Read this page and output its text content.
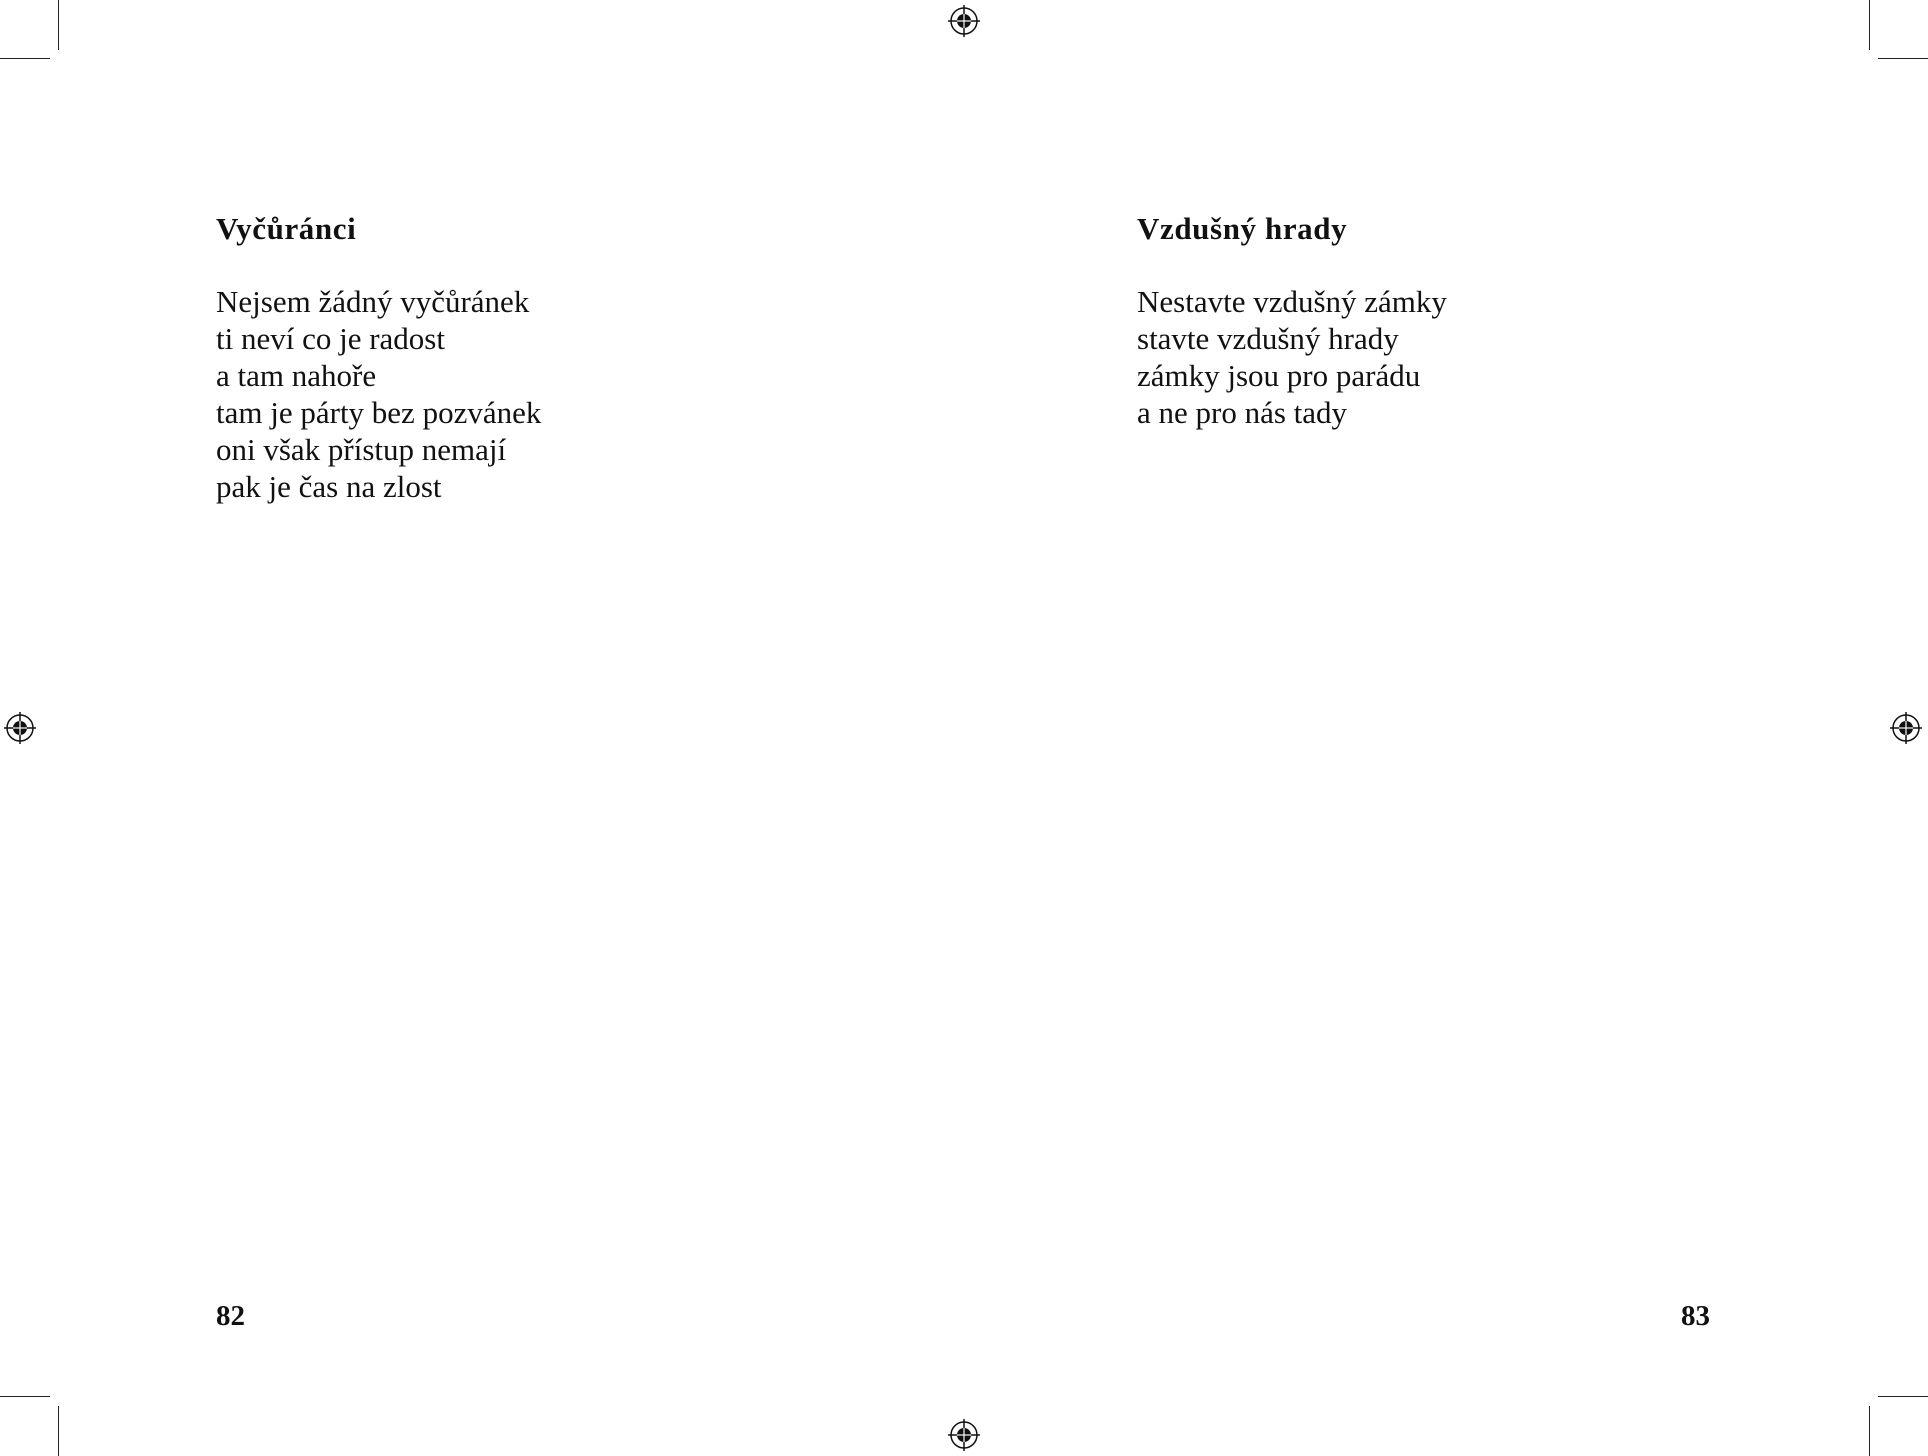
Vyčůránci
Nejsem žádný vyčůránek
ti neví co je radost
a tam nahoře
tam je párty bez pozvánek
oni však přístup nemají
pak je čas na zlost
82
Vzdušný hrady
Nestavte vzdušný zámky
stavte vzdušný hrady
zámky jsou pro parádu
a ne pro nás tady
83
